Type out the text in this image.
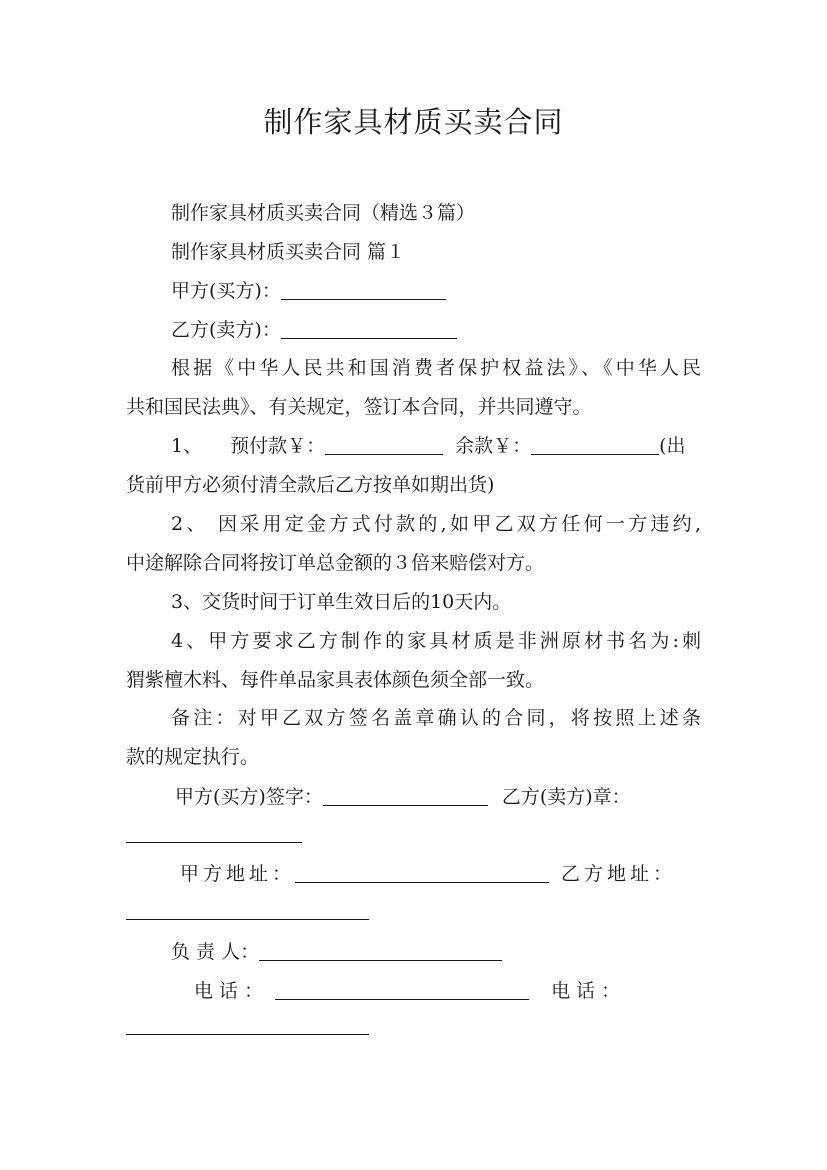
制作家具材质买卖合同

制作家具材质买卖合同（精选３篇）

制作家具材质买卖合同 篇１

甲方(买方)：

乙方(卖方)：

根据《中华人民共和国消费者保护权益法》、《中华人民

共和国民法典》、有关规定，签订本合同，并共同遵守。

1、 预付款￥：	余款￥：	(出

货前甲方必须付清全款后乙方按单如期出货)

2、 因采用定金方式付款的,如甲乙双方任何一方违约,

中途解除合同将按订单总金额的３倍来赔偿对方。

3、交货时间于订单生效日后的10天内。

4、甲方要求乙方制作的家具材质是非洲原材书名为:刺

猬紫檀木料、每件单品家具表体颜色须全部一致。

备注：对甲乙双方签名盖章确认的合同，将按照上述条

款的规定执行。

甲方(买方)签字：	乙方(卖方)章：

甲方地址：	乙方地址：

负 责 人：

电 话 ：	电 话 ：
